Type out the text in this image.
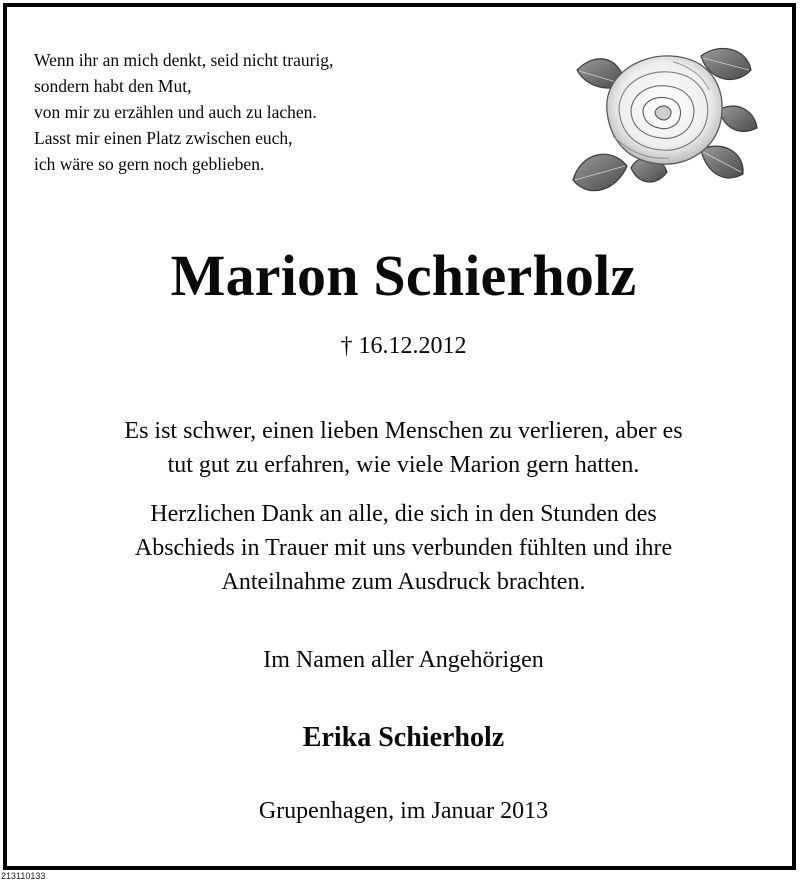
Wenn ihr an mich denkt, seid nicht traurig,
sondern habt den Mut,
von mir zu erzählen und auch zu lachen.
Lasst mir einen Platz zwischen euch,
ich wäre so gern noch geblieben.
Marion Schierholz
† 16.12.2012
Es ist schwer, einen lieben Menschen zu verlieren, aber es
tut gut zu erfahren, wie viele Marion gern hatten.
Herzlichen Dank an alle, die sich in den Stunden des
Abschieds in Trauer mit uns verbunden fühlten und ihre
Anteilnahme zum Ausdruck brachten.
Im Namen aller Angehörigen
Erika Schierholz
Grupenhagen, im Januar 2013
213110133
